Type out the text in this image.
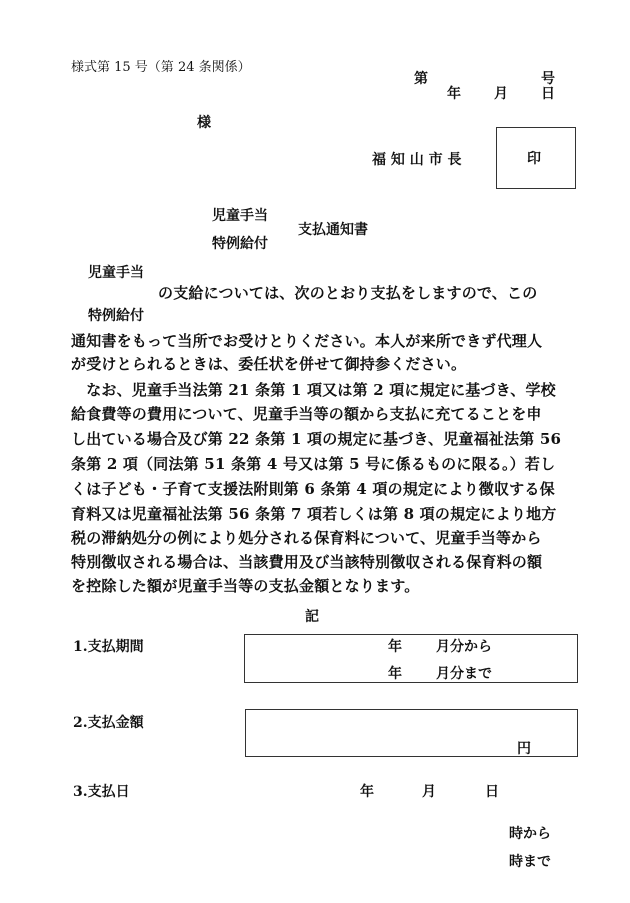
様式第 15 号（第 24 条関係）
第	号
年 月 日
様
福 知 山 市 長	印
児童手当
特例給付
支払通知書
児童手当
特例給付
の支給については、次のとおり支払をしますので、この
通知書をもって当所でお受けとりください。本人が来所できず代理人
が受けとられるときは、委任状を併せて御持参ください。
　なお、児童手当法第 21 条第 1 項又は第 2 項に規定に基づき、学校
給食費等の費用について、児童手当等の額から支払に充てることを申
し出ている場合及び第 22 条第 1 項の規定に基づき、児童福祉法第 56
条第 2 項（同法第 51 条第 4 号又は第 5 号に係るものに限る。）若し
くは子ども・子育て支援法附則第 6 条第 4 項の規定により徴収する保
育料又は児童福祉法第 56 条第 7 項若しくは第 8 項の規定により地方
税の滞納処分の例により処分される保育料について、児童手当等から
特別徴収される場合は、当該費用及び当該特別徴収される保育料の額
を控除した額が児童手当等の支払金額となります。
記
1.支払期間	年 月分から
年 月分まで
2.支払金額
円
3.支払日	年	月	日
時から
時まで
